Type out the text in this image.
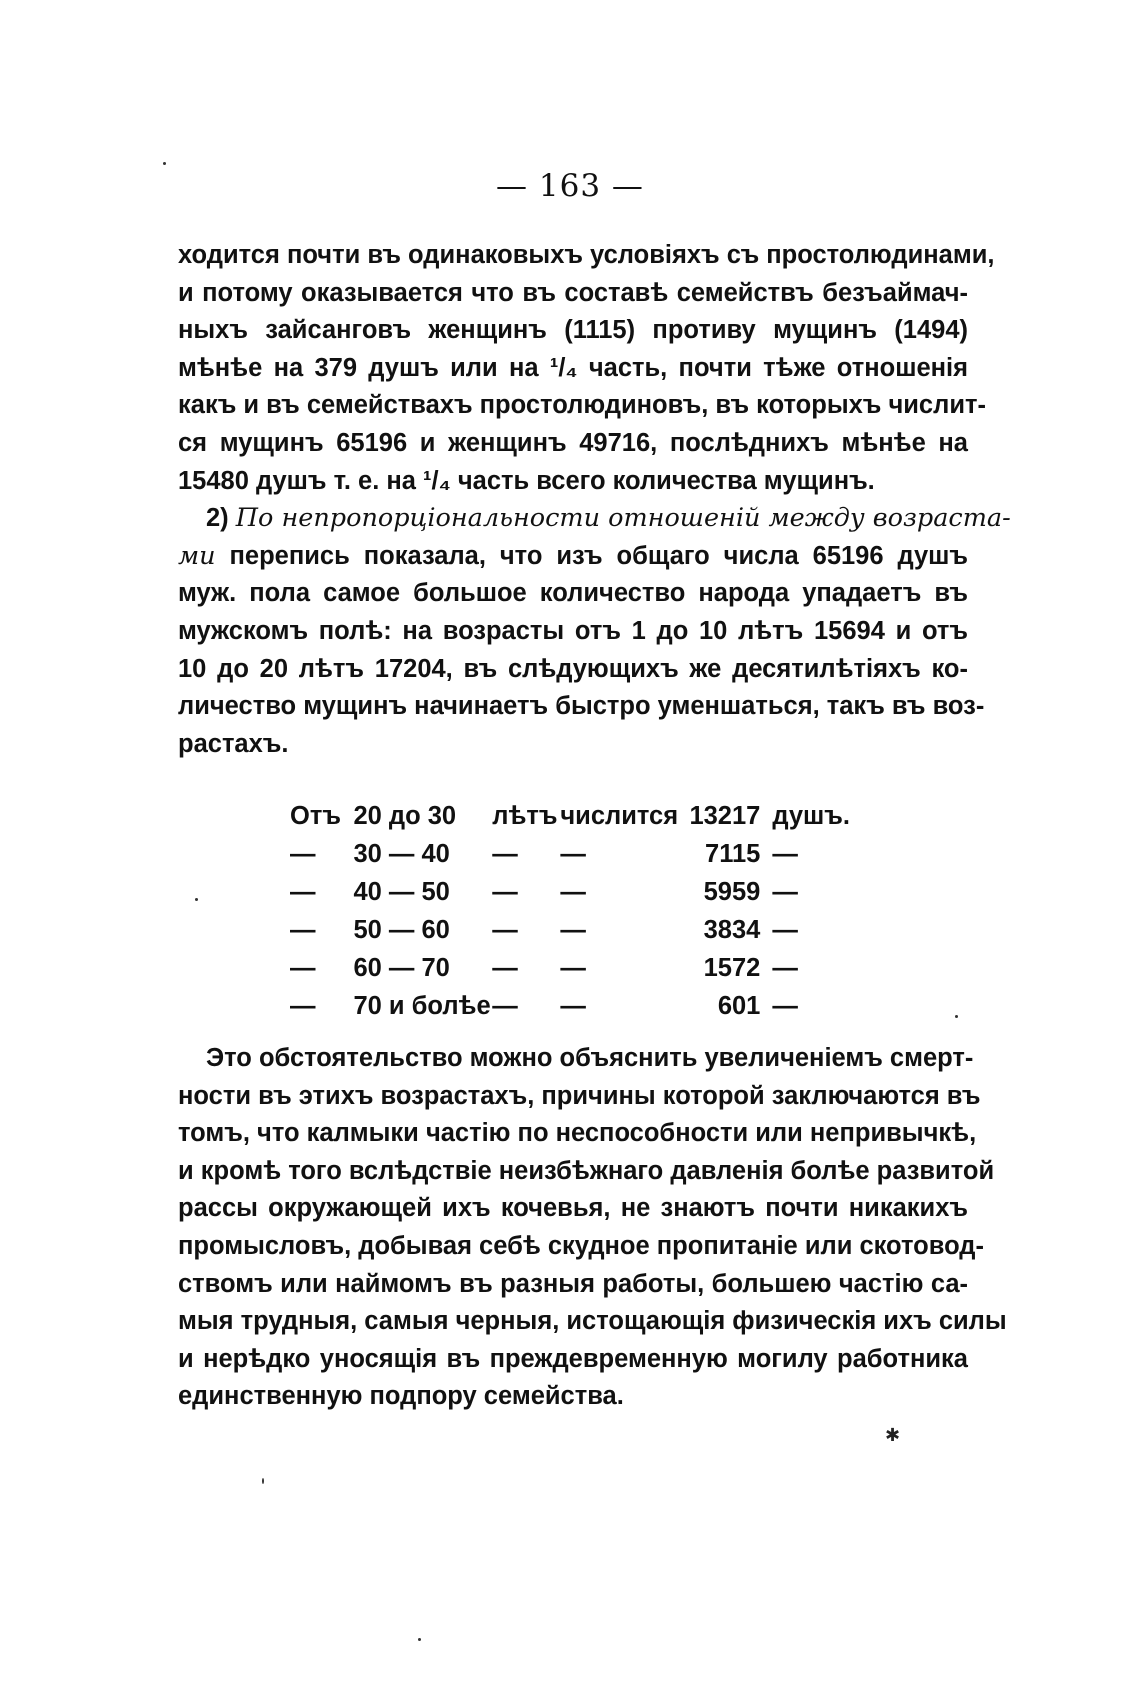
— 163 —
ходится почти въ одинаковыхъ условіяхъ съ простолюдинами,
и потому оказывается что въ составѣ семействъ безъаймач-
ныхъ зайсанговъ женщинъ (1115) противу мущинъ (1494)
мѣнѣе на 379 душъ или на ¹/₄ часть, почти тѣже отношенія
какъ и въ семействахъ простолюдиновъ, въ которыхъ числит-
ся мущинъ 65196 и женщинъ 49716, послѣднихъ мѣнѣе на
15480 душъ т. е. на ¹/₄ часть всего количества мущинъ.
2) По непропорціональности отношеній между возраста-
ми перепись показала, что изъ общаго числа 65196 душъ
муж. пола самое большое количество народа упадаетъ въ
мужскомъ полѣ: на возрасты отъ 1 до 10 лѣтъ 15694 и отъ
10 до 20 лѣтъ 17204, въ слѣдующихъ же десятилѣтіяхъ ко-
личество мущинъ начинаетъ быстро уменшаться, такъ въ воз-
растахъ.
Отъ	20 до 30	лѣтъ	числится	13217	душъ.
—	30 — 40	—	—	7115	—
—	40 — 50	—	—	5959	—
—	50 — 60	—	—	3834	—
—	60 — 70	—	—	1572	—
—	70 и болѣе	—	—	601	—
Это обстоятельство можно объяснить увеличеніемъ смерт-
ности въ этихъ возрастахъ, причины которой заключаются въ
томъ, что калмыки частію по неспособности или непривычкѣ,
и кромѣ того вслѣдствіе неизбѣжнаго давленія болѣе развитой
рассы окружающей ихъ кочевья, не знаютъ почти никакихъ
промысловъ, добывая себѣ скудное пропитаніе или скотовод-
ствомъ или наймомъ въ разныя работы, большею частію са-
мыя трудныя, самыя черныя, истощающія физическія ихъ силы
и нерѣдко уносящія въ преждевременную могилу работника
единственную подпору семейства.
✱
